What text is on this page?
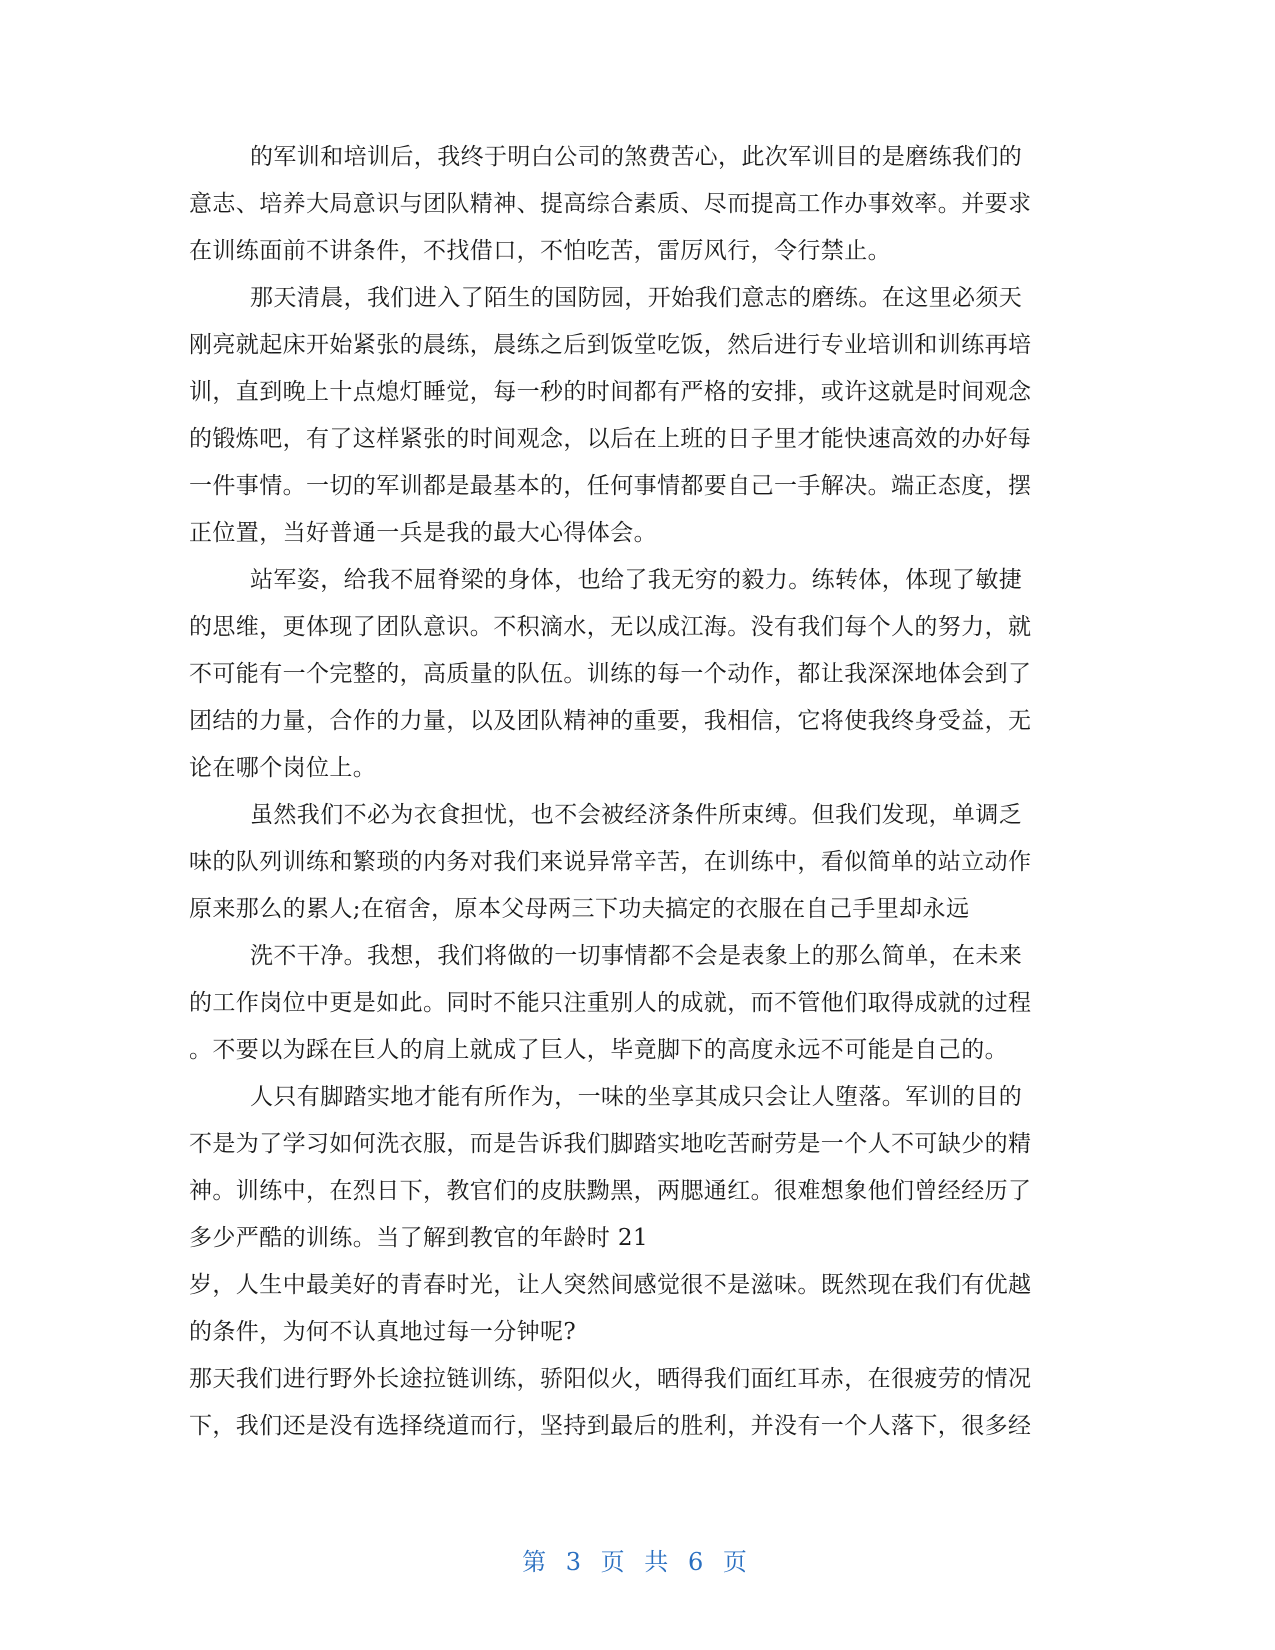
的军训和培训后，我终于明白公司的煞费苦心，此次军训目的是磨练我们的
意志、培养大局意识与团队精神、提高综合素质、尽而提高工作办事效率。并要求
在训练面前不讲条件，不找借口，不怕吃苦，雷厉风行，令行禁止。
那天清晨，我们进入了陌生的国防园，开始我们意志的磨练。在这里必须天
刚亮就起床开始紧张的晨练，晨练之后到饭堂吃饭，然后进行专业培训和训练再培
训，直到晚上十点熄灯睡觉，每一秒的时间都有严格的安排，或许这就是时间观念
的锻炼吧，有了这样紧张的时间观念，以后在上班的日子里才能快速高效的办好每
一件事情。一切的军训都是最基本的，任何事情都要自己一手解决。端正态度，摆
正位置，当好普通一兵是我的最大心得体会。
站军姿，给我不屈脊梁的身体，也给了我无穷的毅力。练转体，体现了敏捷
的思维，更体现了团队意识。不积滴水，无以成江海。没有我们每个人的努力，就
不可能有一个完整的，高质量的队伍。训练的每一个动作，都让我深深地体会到了
团结的力量，合作的力量，以及团队精神的重要，我相信，它将使我终身受益，无
论在哪个岗位上。
虽然我们不必为衣食担忧，也不会被经济条件所束缚。但我们发现，单调乏
味的队列训练和繁琐的内务对我们来说异常辛苦，在训练中，看似简单的站立动作
原来那么的累人;在宿舍，原本父母两三下功夫搞定的衣服在自己手里却永远
洗不干净。我想，我们将做的一切事情都不会是表象上的那么简单，在未来
的工作岗位中更是如此。同时不能只注重别人的成就，而不管他们取得成就的过程
。不要以为踩在巨人的肩上就成了巨人，毕竟脚下的高度永远不可能是自己的。
人只有脚踏实地才能有所作为，一味的坐享其成只会让人堕落。军训的目的
不是为了学习如何洗衣服，而是告诉我们脚踏实地吃苦耐劳是一个人不可缺少的精
神。训练中，在烈日下，教官们的皮肤黝黑，两腮通红。很难想象他们曾经经历了
多少严酷的训练。当了解到教官的年龄时 21
岁，人生中最美好的青春时光，让人突然间感觉很不是滋味。既然现在我们有优越
的条件，为何不认真地过每一分钟呢?
那天我们进行野外长途拉链训练，骄阳似火，晒得我们面红耳赤，在很疲劳的情况
下，我们还是没有选择绕道而行，坚持到最后的胜利，并没有一个人落下，很多经
第 3 页 共 6 页
